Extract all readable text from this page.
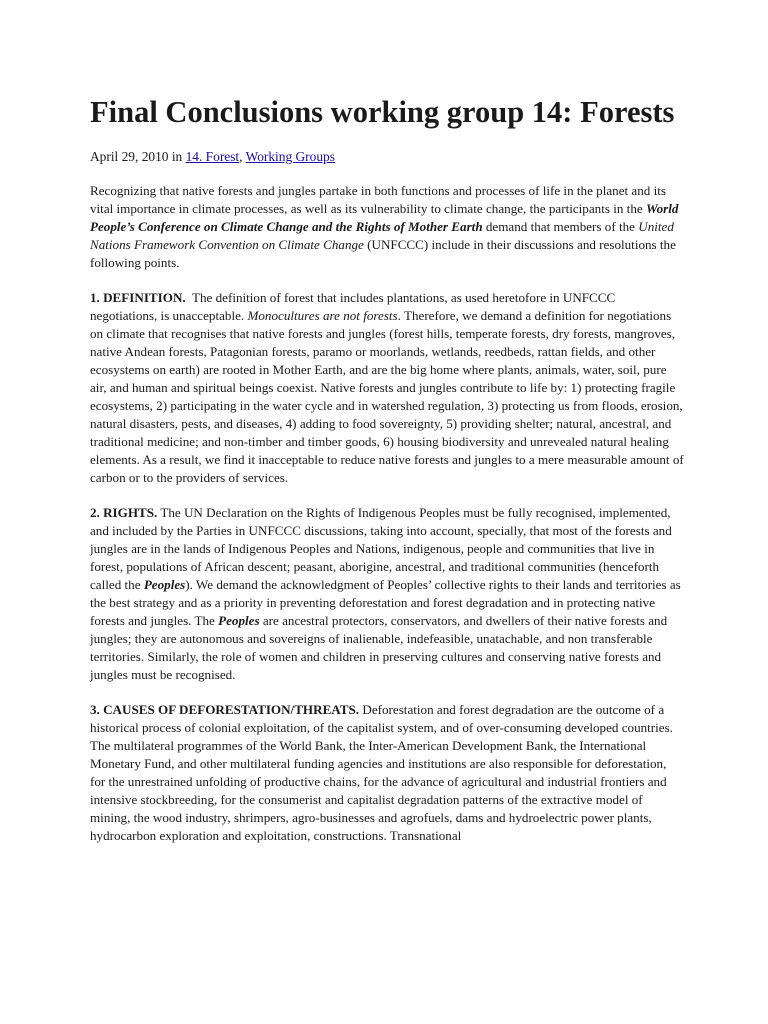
Final Conclusions working group 14: Forests
April 29, 2010 in 14. Forest, Working Groups

Recognizing that native forests and jungles partake in both functions and processes of life in the planet and its vital importance in climate processes, as well as its vulnerability to climate change, the participants in the World People’s Conference on Climate Change and the Rights of Mother Earth demand that members of the United Nations Framework Convention on Climate Change (UNFCCC) include in their discussions and resolutions the following points.

1. DEFINITION.  The definition of forest that includes plantations, as used heretofore in UNFCCC negotiations, is unacceptable. Monocultures are not forests. Therefore, we demand a definition for negotiations on climate that recognises that native forests and jungles (forest hills, temperate forests, dry forests, mangroves, native Andean forests, Patagonian forests, paramo or moorlands, wetlands, reedbeds, rattan fields, and other ecosystems on earth) are rooted in Mother Earth, and are the big home where plants, animals, water, soil, pure air, and human and spiritual beings coexist. Native forests and jungles contribute to life by: 1) protecting fragile ecosystems, 2) participating in the water cycle and in watershed regulation, 3) protecting us from floods, erosion, natural disasters, pests, and diseases, 4) adding to food sovereignty, 5) providing shelter; natural, ancestral, and traditional medicine; and non-timber and timber goods, 6) housing biodiversity and unrevealed natural healing elements. As a result, we find it inacceptable to reduce native forests and jungles to a mere measurable amount of carbon or to the providers of services.

2. RIGHTS. The UN Declaration on the Rights of Indigenous Peoples must be fully recognised, implemented, and included by the Parties in UNFCCC discussions, taking into account, specially, that most of the forests and jungles are in the lands of Indigenous Peoples and Nations, indigenous, people and communities that live in forest, populations of African descent; peasant, aborigine, ancestral, and traditional communities (henceforth called the Peoples). We demand the acknowledgment of Peoples’ collective rights to their lands and territories as the best strategy and as a priority in preventing deforestation and forest degradation and in protecting native forests and jungles. The Peoples are ancestral protectors, conservators, and dwellers of their native forests and jungles; they are autonomous and sovereigns of inalienable, indefeasible, unatachable, and non transferable territories. Similarly, the role of women and children in preserving cultures and conserving native forests and jungles must be recognised.

3. CAUSES OF DEFORESTATION/THREATS. Deforestation and forest degradation are the outcome of a historical process of colonial exploitation, of the capitalist system, and of over-consuming developed countries. The multilateral programmes of the World Bank, the Inter-American Development Bank, the International Monetary Fund, and other multilateral funding agencies and institutions are also responsible for deforestation, for the unrestrained unfolding of productive chains, for the advance of agricultural and industrial frontiers and intensive stockbreeding, for the consumerist and capitalist degradation patterns of the extractive model of mining, the wood industry, shrimpers, agro-businesses and agrofuels, dams and hydroelectric power plants, hydrocarbon exploration and exploitation, constructions. Transnational
